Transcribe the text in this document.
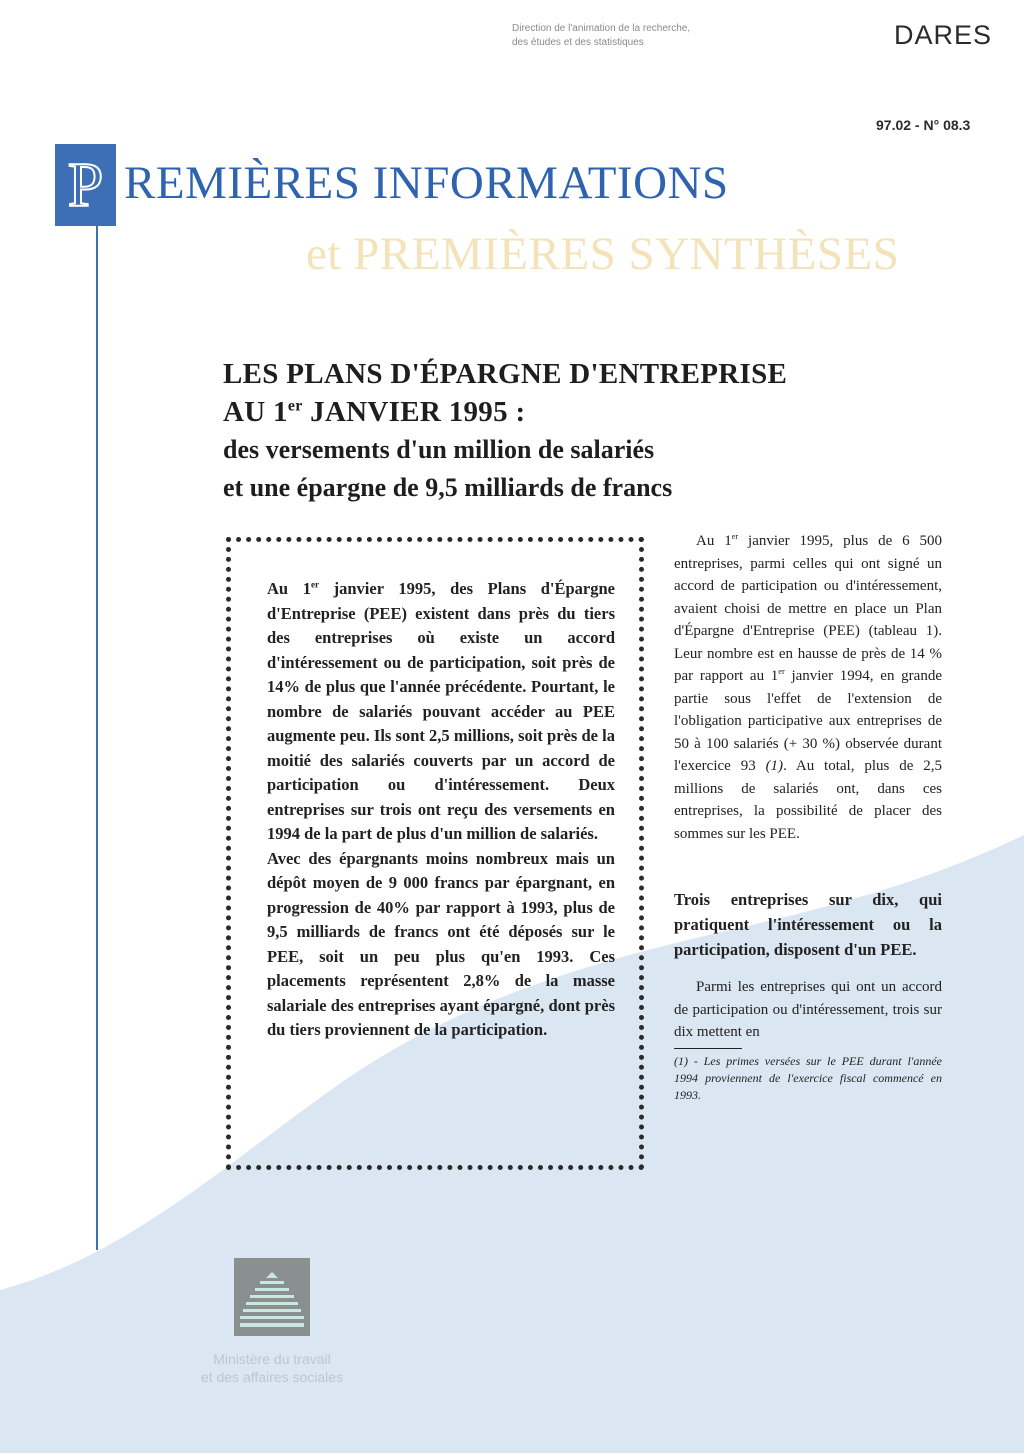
Direction de l'animation de la recherche,
des études et des statistiques	DARES
97.02 - N° 08.3
P REMIÈRES INFORMATIONS
et PREMIÈRES SYNTHÈSES
LES PLANS D'ÉPARGNE D'ENTREPRISE
AU 1er JANVIER 1995 :
des versements d'un million de salariés
et une épargne de 9,5 milliards de francs

Au 1er janvier 1995, des Plans d'Épargne d'Entreprise (PEE) existent dans près du tiers des entreprises où existe un accord d'intéressement ou de participation, soit près de 14% de plus que l'année précédente. Pourtant, le nombre de salariés pouvant accéder au PEE augmente peu. Ils sont 2,5 millions, soit près de la moitié des salariés couverts par un accord de participation ou d'intéressement. Deux entreprises sur trois ont reçu des versements en 1994 de la part de plus d'un million de salariés.

Avec des épargnants moins nombreux mais un dépôt moyen de 9 000 francs par épargnant, en progression de 40% par rapport à 1993, plus de 9,5 milliards de francs ont été déposés sur le PEE, soit un peu plus qu'en 1993. Ces placements représentent 2,8% de la masse salariale des entreprises ayant épargné, dont près du tiers proviennent de la participation.

Au 1er janvier 1995, plus de 6 500 entreprises, parmi celles qui ont signé un accord de participation ou d'intéressement, avaient choisi de mettre en place un Plan d'Épargne d'Entreprise (PEE) (tableau 1). Leur nombre est en hausse de près de 14 % par rapport au 1er janvier 1994, en grande partie sous l'effet de l'extension de l'obligation participative aux entreprises de 50 à 100 salariés (+ 30 %) observée durant l'exercice 93 (1). Au total, plus de 2,5 millions de salariés ont, dans ces entreprises, la possibilité de placer des sommes sur les PEE.

Trois entreprises sur dix, qui pratiquent l'intéressement ou la participation, disposent d'un PEE.

Parmi les entreprises qui ont un accord de participation ou d'intéressement, trois sur dix mettent en

(1) - Les primes versées sur le PEE durant l'année 1994 proviennent de l'exercice fiscal commencé en 1993.

Ministère du travail
et des affaires sociales
